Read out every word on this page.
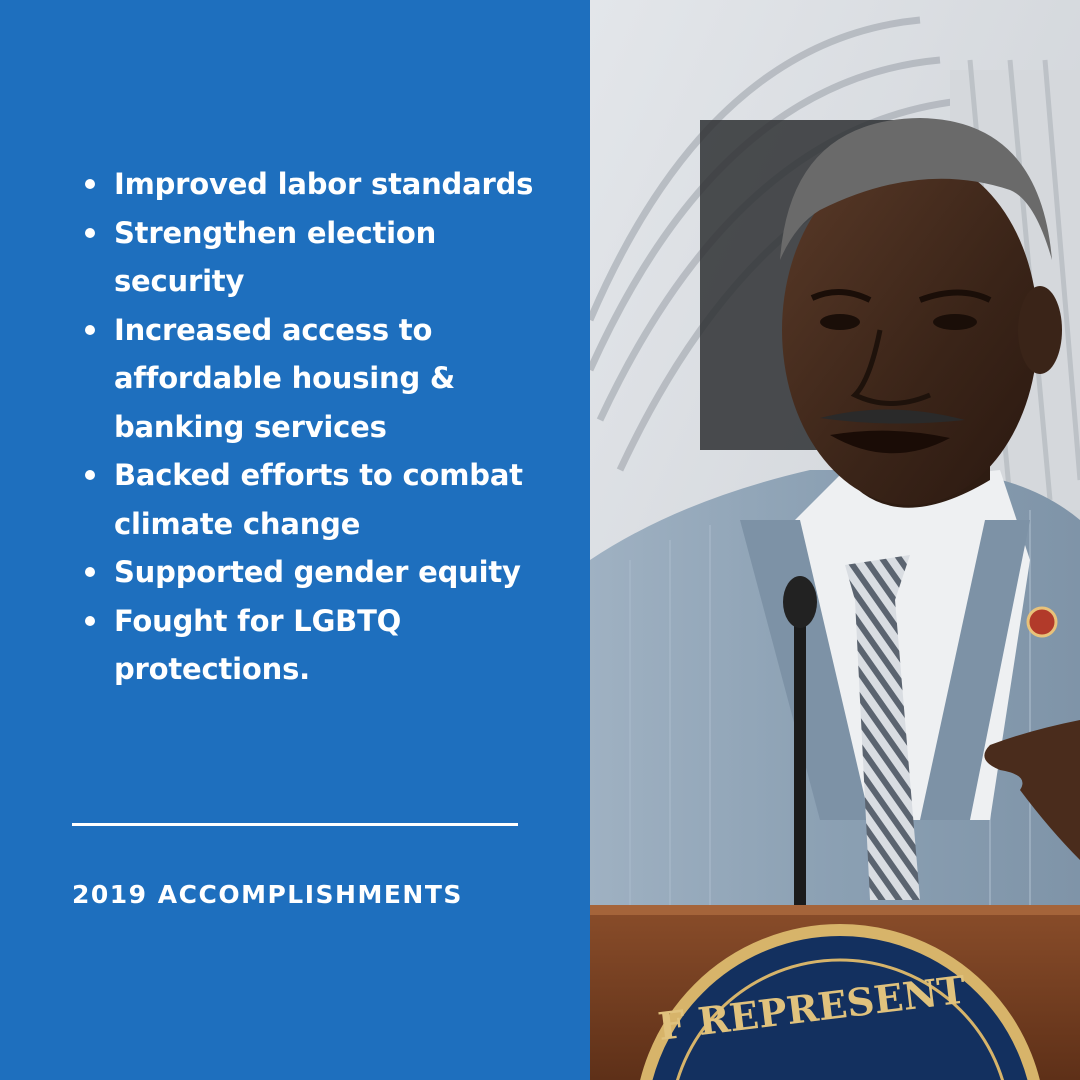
Improved labor standards
Strengthen election security
Increased access to affordable housing & banking services
Backed efforts to combat climate change
Supported gender equity
Fought for LGBTQ protections.
2019 ACCOMPLISHMENTS
F REPRESENT
